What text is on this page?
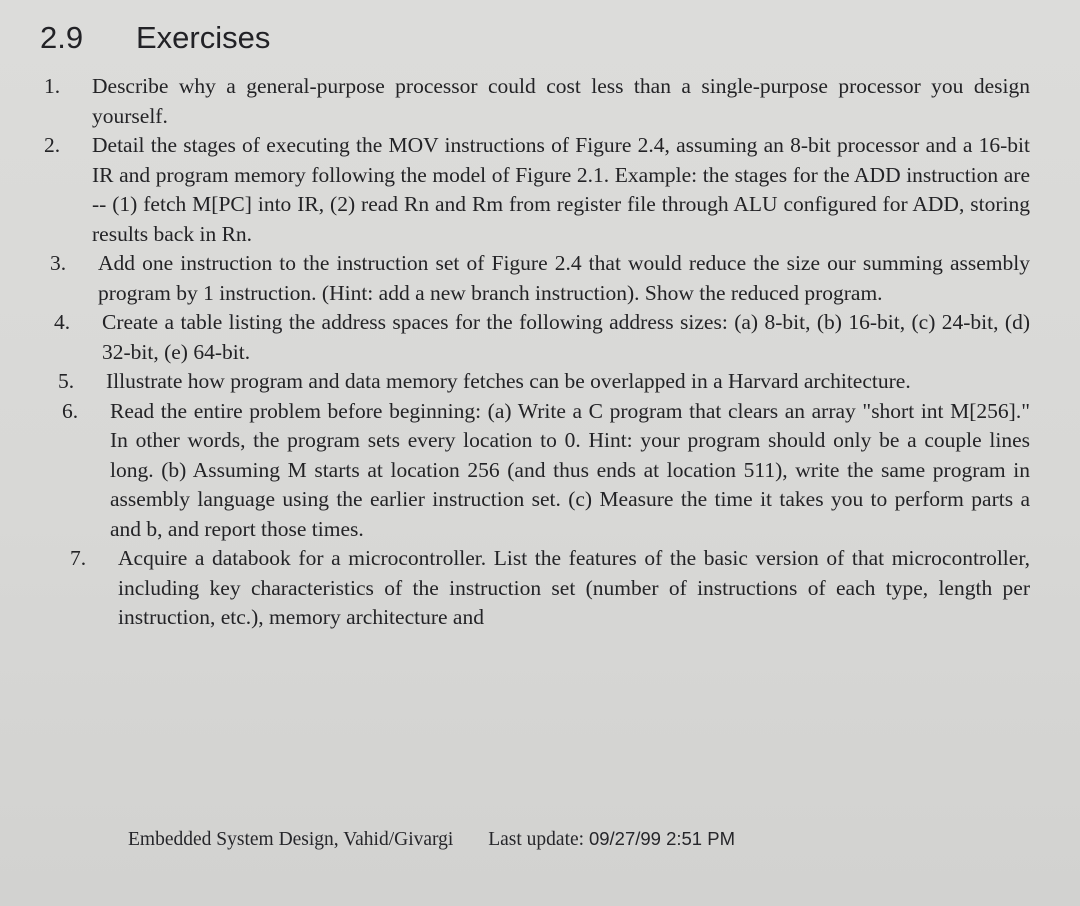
2.9 Exercises
1. Describe why a general-purpose processor could cost less than a single-purpose processor you design yourself.
2. Detail the stages of executing the MOV instructions of Figure 2.4, assuming an 8-bit processor and a 16-bit IR and program memory following the model of Figure 2.1. Example: the stages for the ADD instruction are -- (1) fetch M[PC] into IR, (2) read Rn and Rm from register file through ALU configured for ADD, storing results back in Rn.
3. Add one instruction to the instruction set of Figure 2.4 that would reduce the size our summing assembly program by 1 instruction. (Hint: add a new branch instruction). Show the reduced program.
4. Create a table listing the address spaces for the following address sizes: (a) 8-bit, (b) 16-bit, (c) 24-bit, (d) 32-bit, (e) 64-bit.
5. Illustrate how program and data memory fetches can be overlapped in a Harvard architecture.
6. Read the entire problem before beginning: (a) Write a C program that clears an array "short int M[256]." In other words, the program sets every location to 0. Hint: your program should only be a couple lines long. (b) Assuming M starts at location 256 (and thus ends at location 511), write the same program in assembly language using the earlier instruction set. (c) Measure the time it takes you to perform parts a and b, and report those times.
7. Acquire a databook for a microcontroller. List the features of the basic version of that microcontroller, including key characteristics of the instruction set (number of instructions of each type, length per instruction, etc.), memory architecture and
Embedded System Design, Vahid/Givargi Last update: 09/27/99 2:51 PM
